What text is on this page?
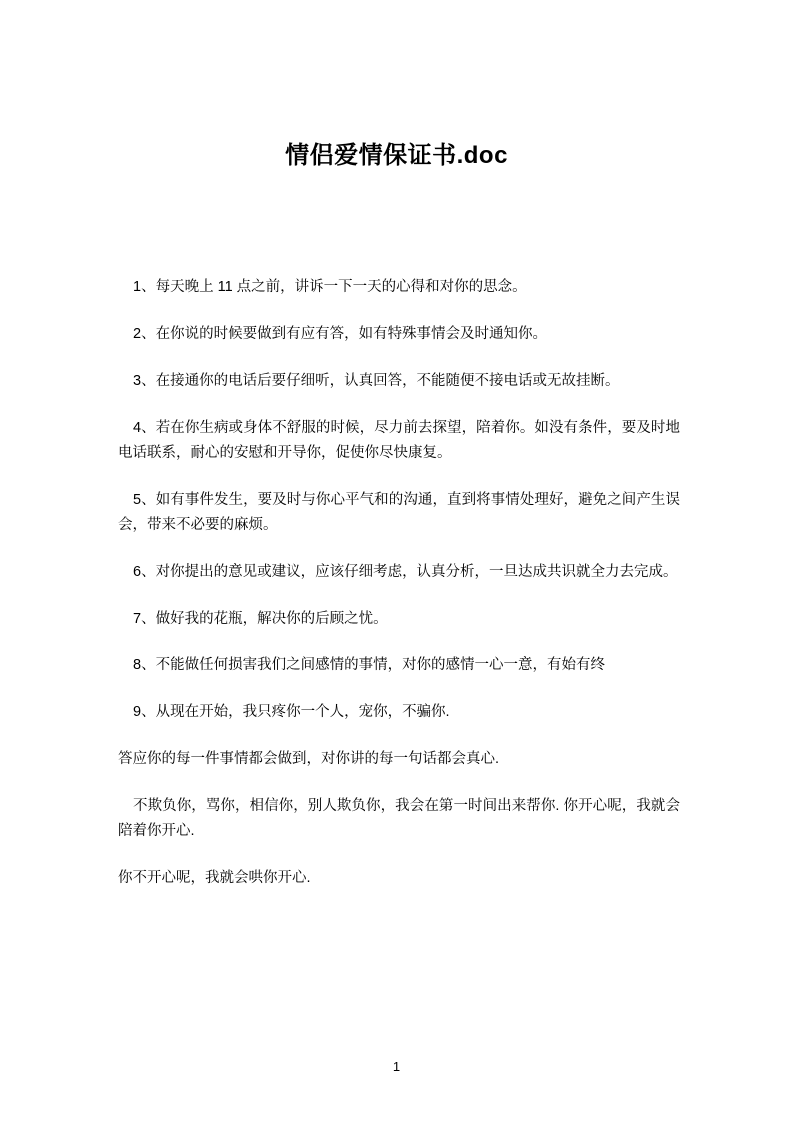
情侣爱情保证书.doc

1、每天晚上 11 点之前，讲诉一下一天的心得和对你的思念。

2、在你说的时候要做到有应有答，如有特殊事情会及时通知你。

3、在接通你的电话后要仔细听，认真回答，不能随便不接电话或无故挂断。

4、若在你生病或身体不舒服的时候，尽力前去探望，陪着你。如没有条件，要及时地电话联系，耐心的安慰和开导你，促使你尽快康复。

5、如有事件发生，要及时与你心平气和的沟通，直到将事情处理好，避免之间产生误会，带来不必要的麻烦。

6、对你提出的意见或建议，应该仔细考虑，认真分析，一旦达成共识就全力去完成。

7、做好我的花瓶，解决你的后顾之忧。

8、不能做任何损害我们之间感情的事情，对你的感情一心一意，有始有终

9、从现在开始，我只疼你一个人，宠你，不骗你.

答应你的每一件事情都会做到，对你讲的每一句话都会真心.

不欺负你，骂你，相信你，别人欺负你，我会在第一时间出来帮你. 你开心呢，我就会陪着你开心.

你不开心呢，我就会哄你开心.

1
